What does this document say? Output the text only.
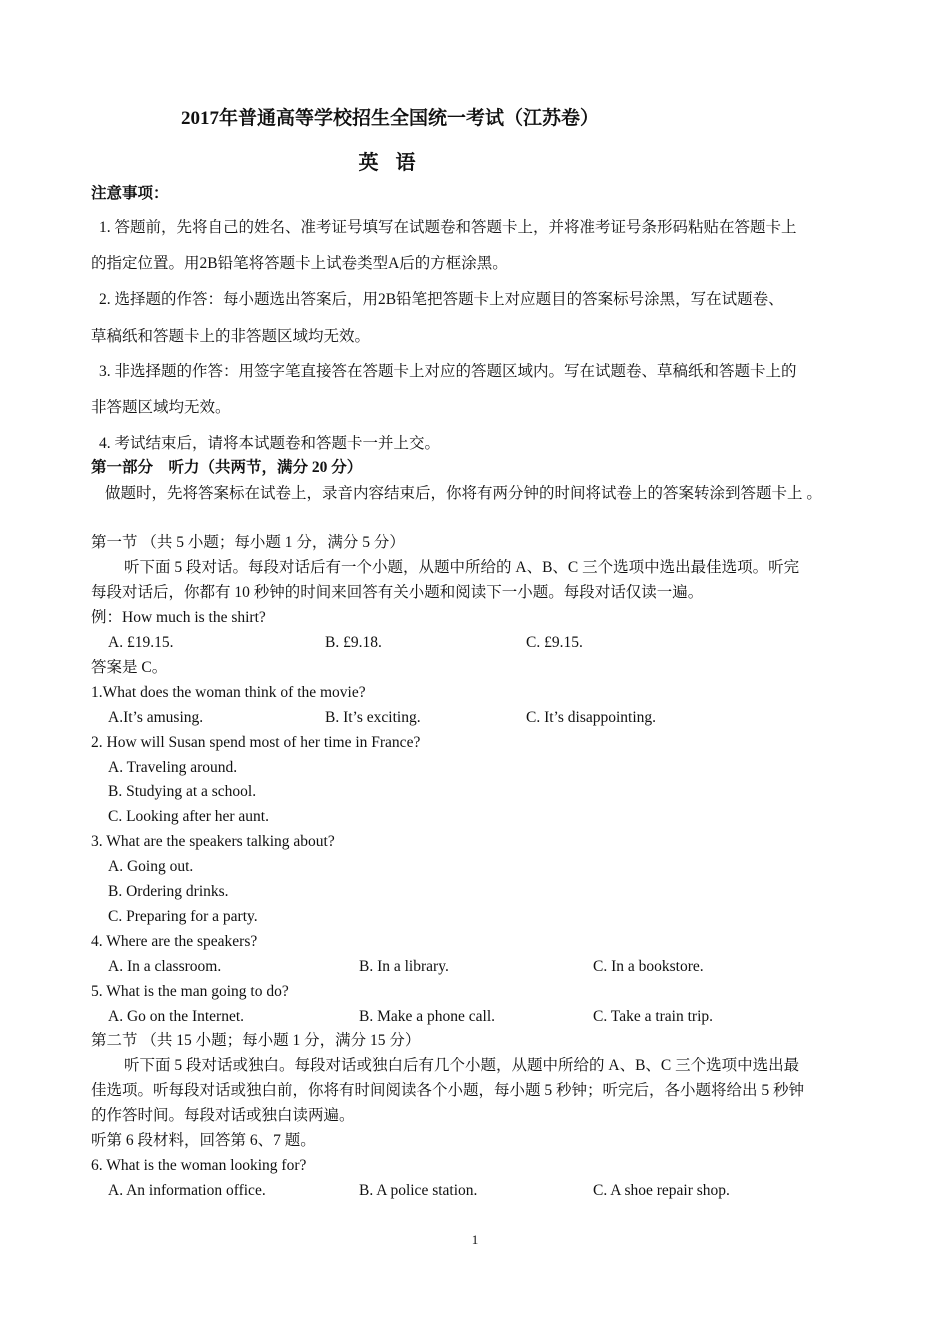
2017年普通高等学校招生全国统一考试（江苏卷）
英 语
注意事项：
1. 答题前，先将自己的姓名、准考证号填写在试题卷和答题卡上，并将准考证号条形码粘贴在答题卡上
的指定位置。用2B铅笔将答题卡上试卷类型A后的方框涂黑。
2. 选择题的作答：每小题选出答案后，用2B铅笔把答题卡上对应题目的答案标号涂黑，写在试题卷、
草稿纸和答题卡上的非答题区域均无效。
3. 非选择题的作答：用签字笔直接答在答题卡上对应的答题区域内。写在试题卷、草稿纸和答题卡上的
非答题区域均无效。
4. 考试结束后，请将本试题卷和答题卡一并上交。
第一部分　听力（共两节，满分 20 分）
做题时，先将答案标在试卷上，录音内容结束后，你将有两分钟的时间将试卷上的答案转涂到答题卡上 。
第一节 （共 5 小题；每小题 1 分，满分 5 分）
听下面 5 段对话。每段对话后有一个小题，从题中所给的 A、B、C 三个选项中选出最佳选项。听完
每段对话后，你都有 10 秒钟的时间来回答有关小题和阅读下一小题。每段对话仅读一遍。
例：How much is the shirt?
A. £19.15.	B. £9.18.	C. £9.15.
答案是 C。
1.What does the woman think of the movie?
A.It’s amusing.	B. It’s exciting.	C. It’s disappointing.
2. How will Susan spend most of her time in France?
A. Traveling around.
B. Studying at a school.
C. Looking after her aunt.
3. What are the speakers talking about?
A. Going out.
B. Ordering drinks.
C. Preparing for a party.
4. Where are the speakers?
A. In a classroom.	B. In a library.	C. In a bookstore.
5. What is the man going to do?
A. Go on the Internet.	B. Make a phone call.	C. Take a train trip.
第二节 （共 15 小题；每小题 1 分，满分 15 分）
听下面 5 段对话或独白。每段对话或独白后有几个小题，从题中所给的 A、B、C 三个选项中选出最
佳选项。听每段对话或独白前，你将有时间阅读各个小题，每小题 5 秒钟；听完后，各小题将给出 5 秒钟
的作答时间。每段对话或独白读两遍。
听第 6 段材料，回答第 6、7 题。
6. What is the woman looking for?
A. An information office.	B. A police station.	C. A shoe repair shop.
1
